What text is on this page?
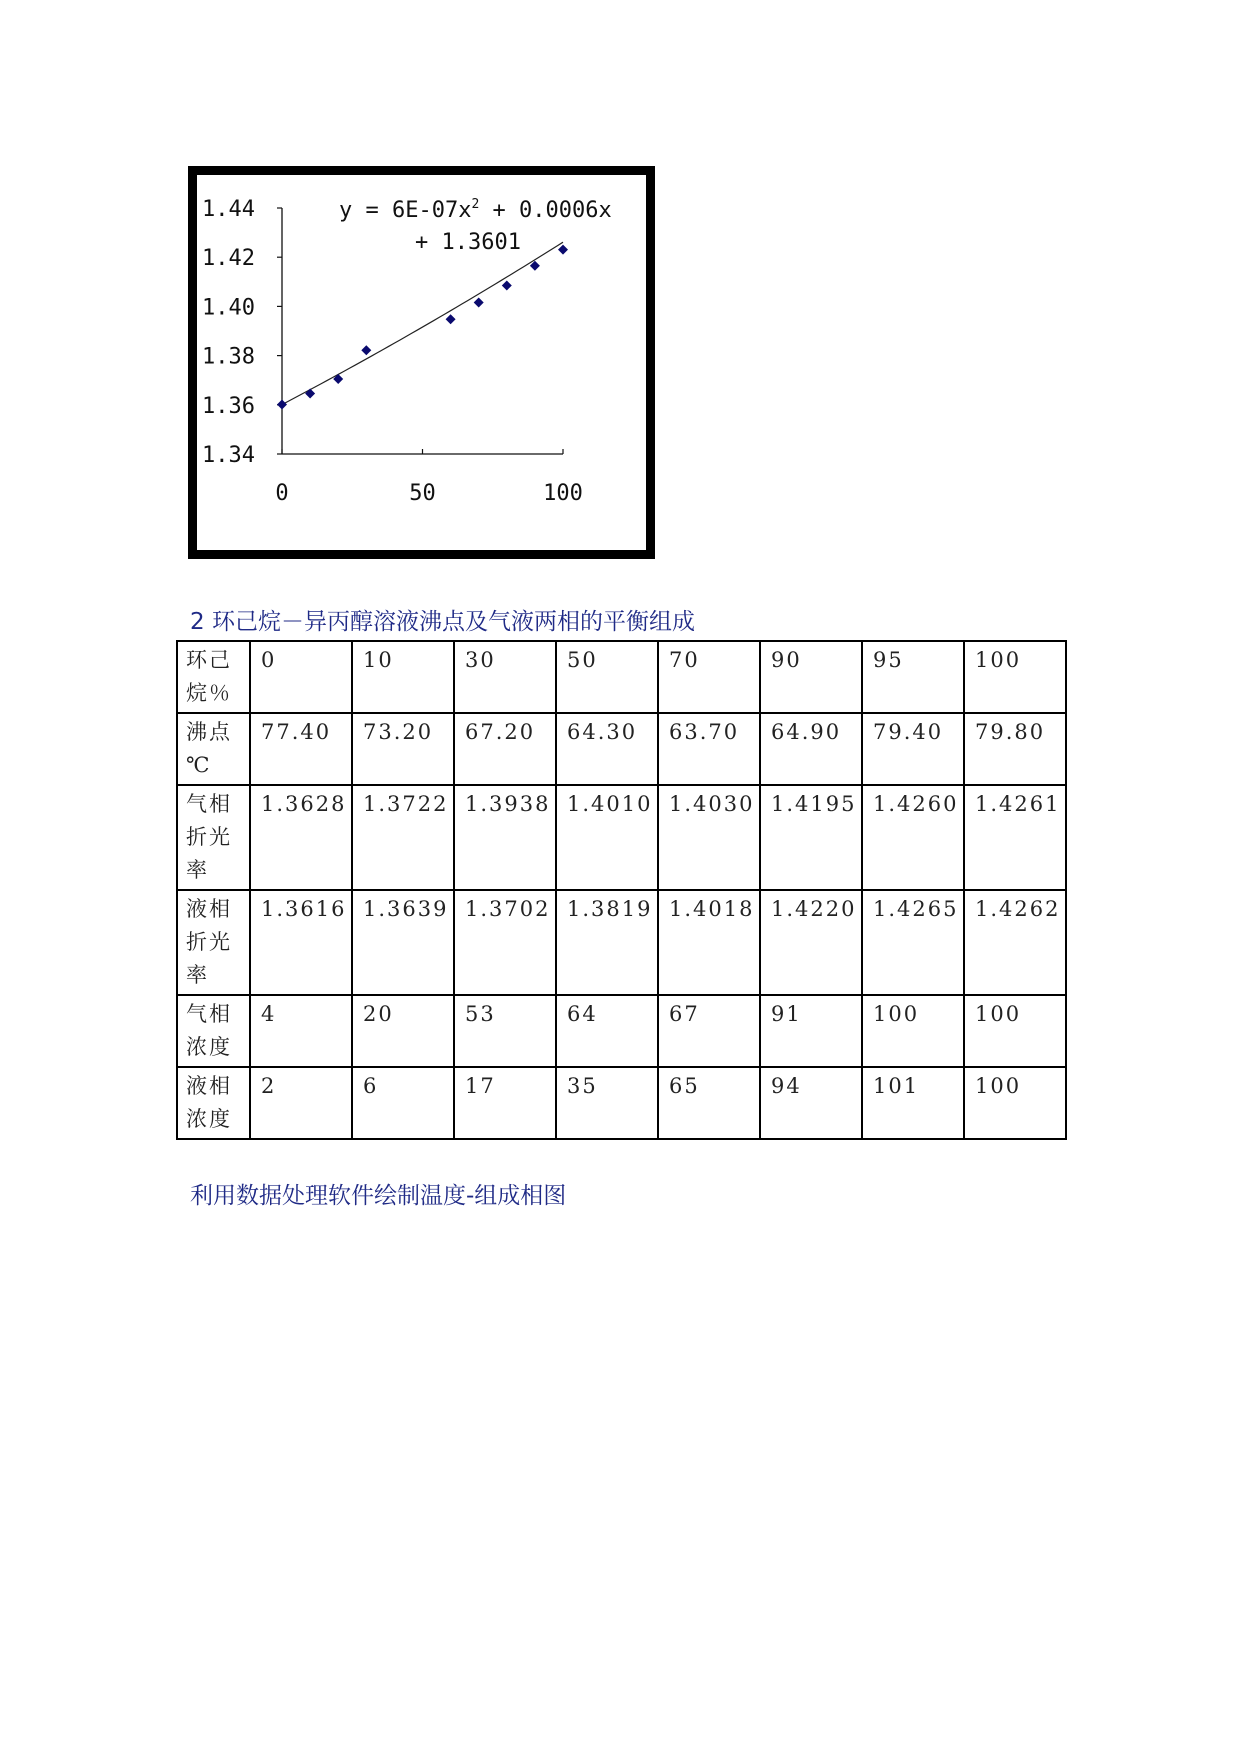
1.34
1.36
1.38
1.40
1.42
1.44
0	50	100
$y = 6E-07x^2 + 0.0006x$
+ 1.3601
2 环己烷－异丙醇溶液沸点及气液两相的平衡组成
环己
烷％	0	10	30	50	70	90	95	100

沸点
℃	77.40	73.20	67.20	64.30	63.70	64.90	79.40	79.80

气相
折光
率	1.3628	1.3722	1.3938	1.4010	1.4030	1.4195	1.4260	1.4261

液相
折光
率	1.3616	1.3639	1.3702	1.3819	1.4018	1.4220	1.4265	1.4262

气相
浓度	4	20	53	64	67	91	100	100

液相
浓度	2	6	17	35	65	94	101	100
利用数据处理软件绘制温度-组成相图
